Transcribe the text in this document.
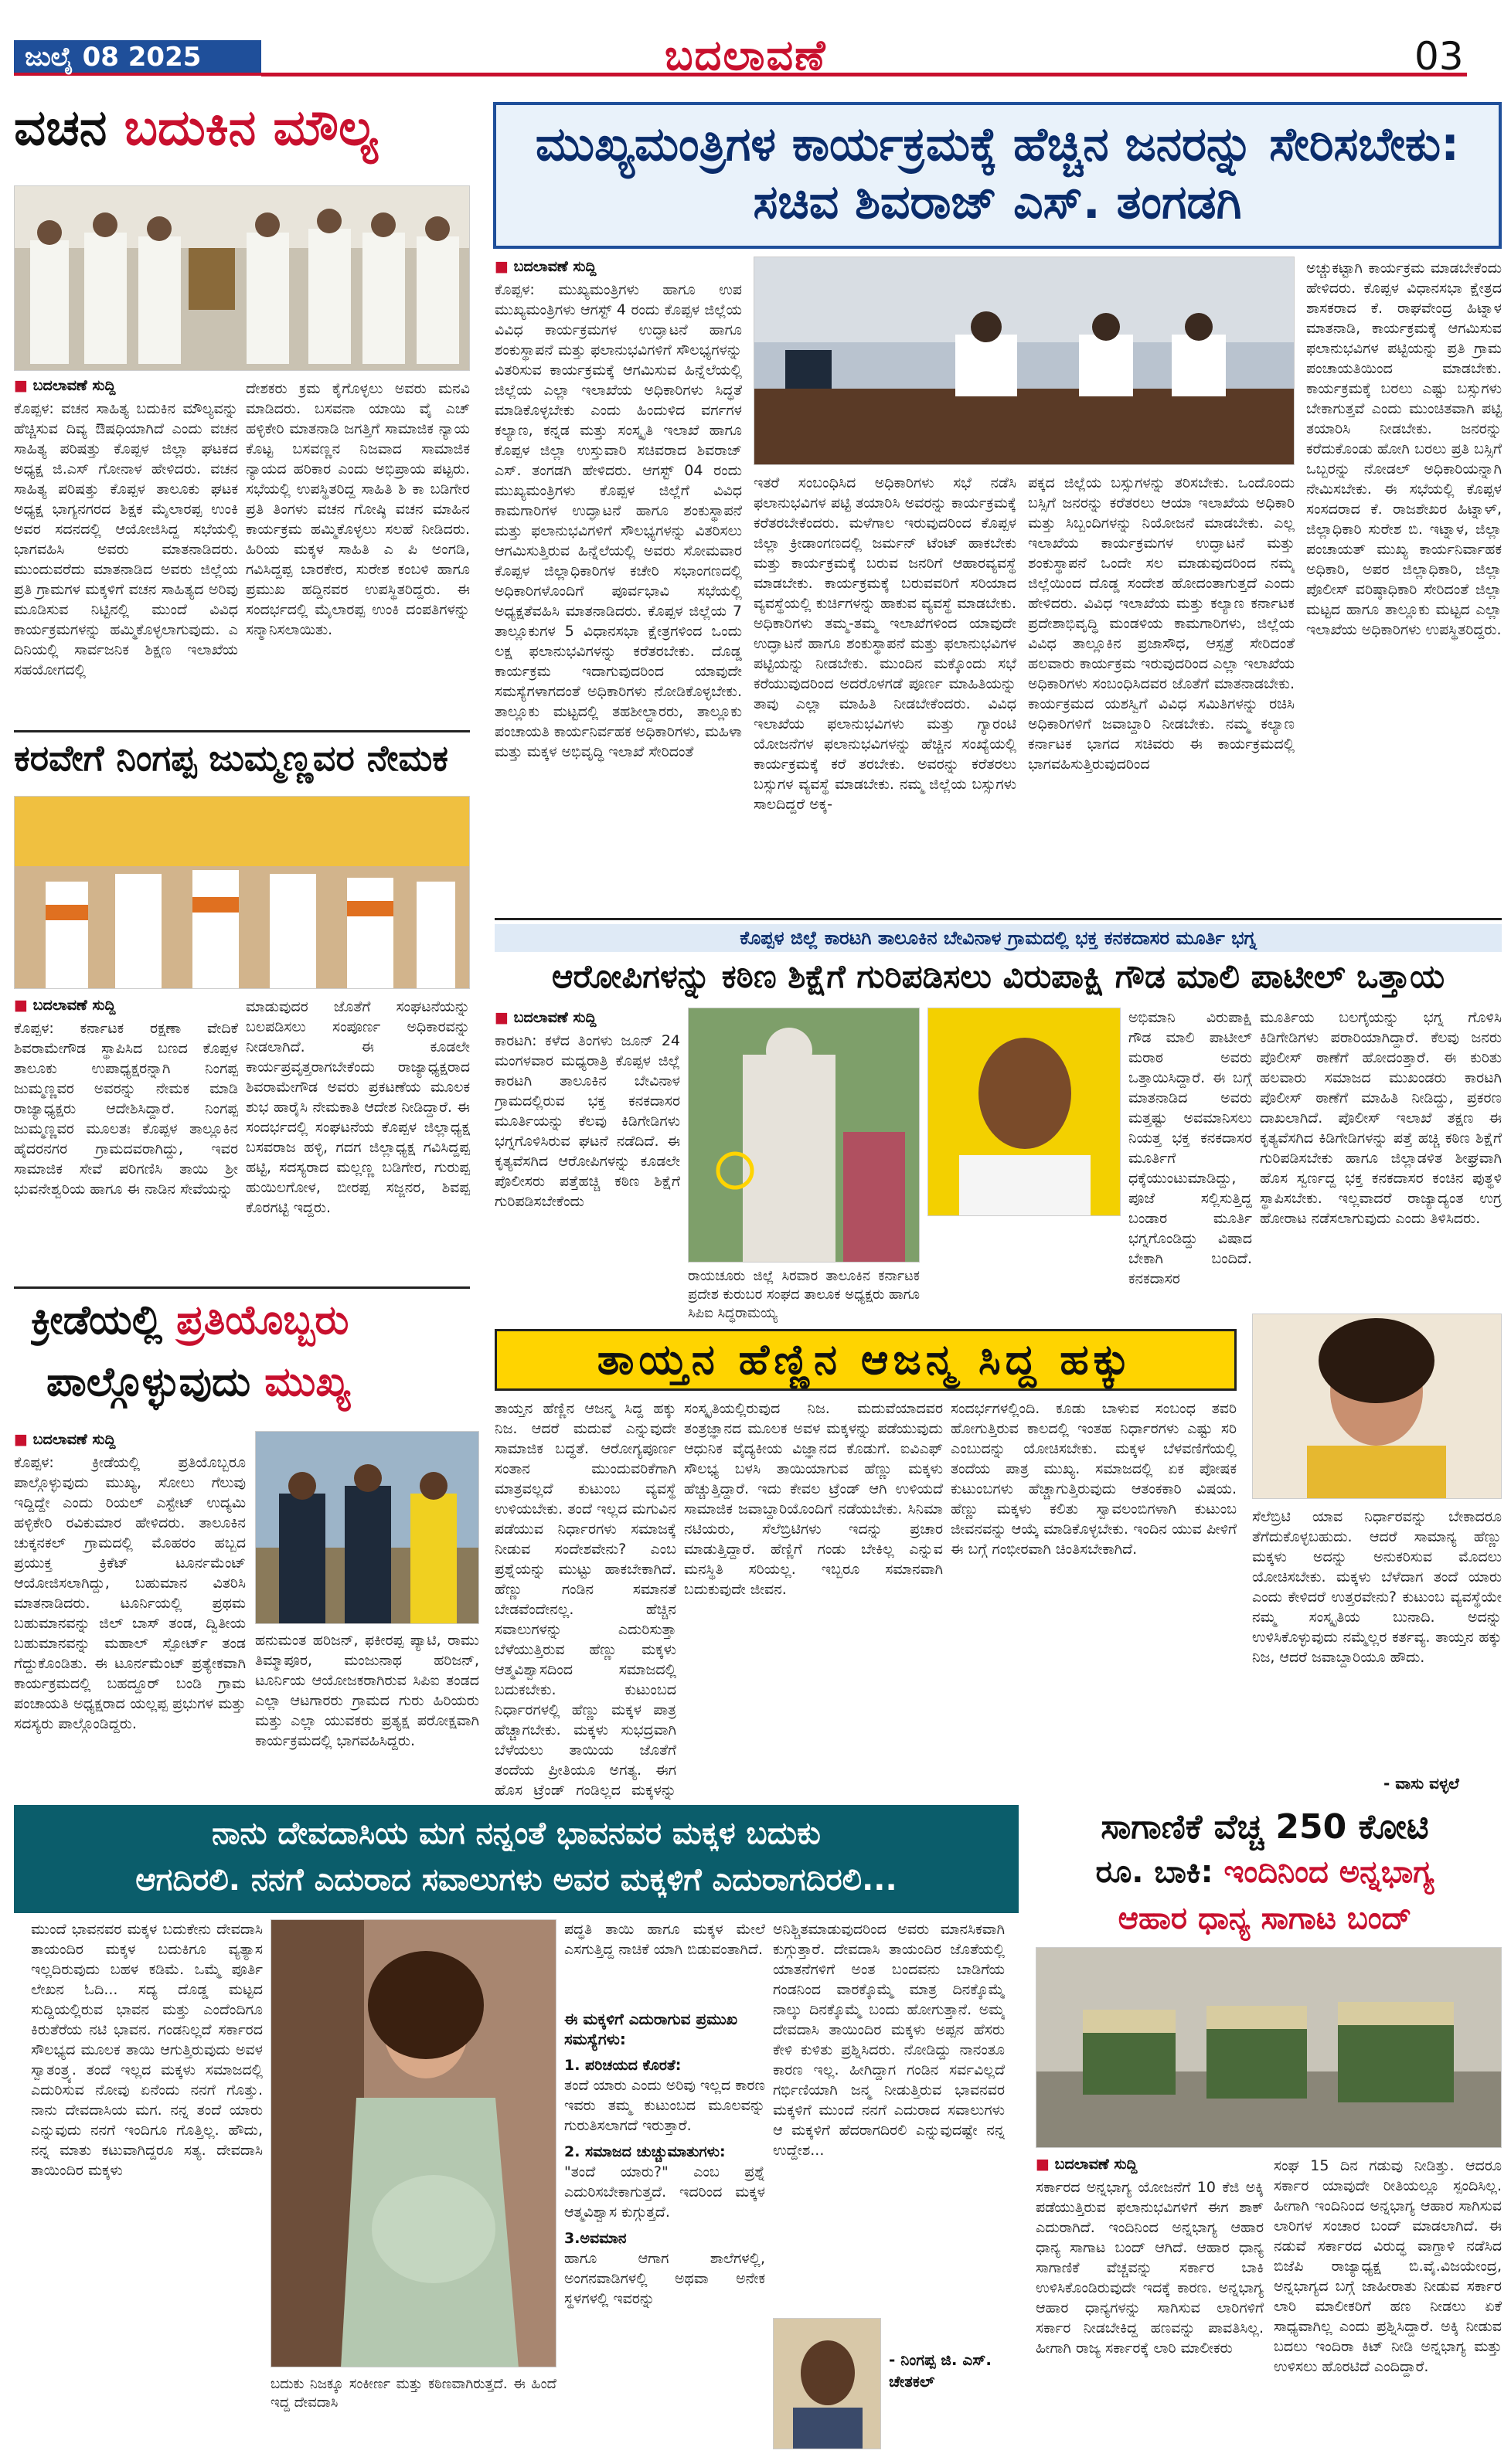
ಜುಲೈ 08 2025	ಬದಲಾವಣೆ	03
ವಚನ ಬದುಕಿನ ಮೌಲ್ಯ
■ ಬದಲಾವಣೆ ಸುದ್ದಿ
ಕೊಪ್ಪಳ: ವಚನ ಸಾಹಿತ್ಯ ಬದುಕಿನ ಮೌಲ್ಯವನ್ನು ಹೆಚ್ಚಿಸುವ ದಿವ್ಯ ಔಷಧಿಯಾಗಿದೆ ಎಂದು ವಚನ ಸಾಹಿತ್ಯ ಪರಿಷತ್ತು ಕೊಪ್ಪಳ ಜಿಲ್ಲಾ ಘಟಕದ ಅಧ್ಯಕ್ಷ ಜಿ.ಎಸ್ ಗೋನಾಳ ಹೇಳಿದರು. ವಚನ ಸಾಹಿತ್ಯ ಪರಿಷತ್ತು ಕೊಪ್ಪಳ ತಾಲೂಕು ಘಟಕ ಅಧ್ಯಕ್ಷ ಭಾಗ್ಯನಗರದ ಶಿಕ್ಷಕ ಮೈಲಾರಪ್ಪ ಉಂಕಿ ಅವರ ಸದನದಲ್ಲಿ ಆಯೋಜಿಸಿದ್ದ ಸಭೆಯಲ್ಲಿ ಭಾಗವಹಿಸಿ ಅವರು ಮಾತನಾಡಿದರು. ಮುಂದುವರೆದು ಮಾತನಾಡಿದ ಅವರು ಜಿಲ್ಲೆಯ ಪ್ರತಿ ಗ್ರಾಮಗಳ ಮಕ್ಕಳಿಗೆ ವಚನ ಸಾಹಿತ್ಯದ ಅರಿವು ಮೂಡಿಸುವ ನಿಟ್ಟಿನಲ್ಲಿ ಮುಂದೆ ವಿವಿಧ ಕಾರ್ಯಕ್ರಮಗಳನ್ನು ಹಮ್ಮಿಕೊಳ್ಳಲಾಗುವುದು. ಎ ದಿನಿಯಲ್ಲಿ ಸಾರ್ವಜನಿಕ ಶಿಕ್ಷಣ ಇಲಾಖೆಯ ಸಹಯೋಗದಲ್ಲಿ
ದೇಶಕರು ಕ್ರಮ ಕೈಗೊಳ್ಳಲು ಅವರು ಮನವಿ ಮಾಡಿದರು. ಬಸವನಾ ಯಾಯಿ ವೈ ಎಚ್ ಹಳ್ಳಿಕೇರಿ ಮಾತನಾಡಿ ಜಗತ್ತಿಗೆ ಸಾಮಾಜಿಕ ನ್ಯಾಯ ಕೊಟ್ಟ ಬಸವಣ್ಣನ ನಿಜವಾದ ಸಾಮಾಜಿಕ ನ್ಯಾಯದ ಹರಿಕಾರ ಎಂದು ಅಭಿಪ್ರಾಯ ಪಟ್ಟರು. ಸಭೆಯಲ್ಲಿ ಉಪಸ್ಥಿತರಿದ್ದ ಸಾಹಿತಿ ಶಿ ಕಾ ಬಡಿಗೇರ ಪ್ರತಿ ತಿಂಗಳು ವಚನ ಗೋಷ್ಠಿ ವಚನ ಮಾಹಿನ ಕಾರ್ಯಕ್ರಮ ಹಮ್ಮಿಕೊಳ್ಳಲು ಸಲಹೆ ನೀಡಿದರು. ಹಿರಿಯ ಮಕ್ಕಳ ಸಾಹಿತಿ ಎ ಪಿ ಅಂಗಡಿ, ಗವಿಸಿದ್ದಪ್ಪ ಬಾರಕೇರ, ಸುರೇಶ ಕಂಬಳಿ ಹಾಗೂ ಪ್ರಮುಖ ಹದ್ದಿನವರ ಉಪಸ್ಥಿತರಿದ್ದರು. ಈ ಸಂದರ್ಭದಲ್ಲಿ ಮೈಲಾರಪ್ಪ ಉಂಕಿ ದಂಪತಿಗಳನ್ನು ಸನ್ಮಾನಿಸಲಾಯಿತು.
ಮುಖ್ಯಮಂತ್ರಿಗಳ ಕಾರ್ಯಕ್ರಮಕ್ಕೆ ಹೆಚ್ಚಿನ ಜನರನ್ನು ಸೇರಿಸಬೇಕು: ಸಚಿವ ಶಿವರಾಜ್ ಎಸ್. ತಂಗಡಗಿ
■ ಬದಲಾವಣೆ ಸುದ್ದಿ
ಕೊಪ್ಪಳ: ಮುಖ್ಯಮಂತ್ರಿಗಳು ಹಾಗೂ ಉಪ ಮುಖ್ಯಮಂತ್ರಿಗಳು ಆಗಸ್ಟ್ 4 ರಂದು ಕೊಪ್ಪಳ ಜಿಲ್ಲೆಯ ವಿವಿಧ ಕಾರ್ಯಕ್ರಮಗಳ ಉದ್ಘಾಟನೆ ಹಾಗೂ ಶಂಕುಸ್ಥಾಪನೆ ಮತ್ತು ಫಲಾನುಭವಿಗಳಿಗೆ ಸೌಲಭ್ಯಗಳನ್ನು ವಿತರಿಸುವ ಕಾರ್ಯಕ್ರಮಕ್ಕೆ ಆಗಮಿಸುವ ಹಿನ್ನೆಲೆಯಲ್ಲಿ ಜಿಲ್ಲೆಯ ಎಲ್ಲಾ ಇಲಾಖೆಯ ಅಧಿಕಾರಿಗಳು ಸಿದ್ಧತೆ ಮಾಡಿಕೊಳ್ಳಬೇಕು ಎಂದು ಹಿಂದುಳಿದ ವರ್ಗಗಳ ಕಲ್ಯಾಣ, ಕನ್ನಡ ಮತ್ತು ಸಂಸ್ಕೃತಿ ಇಲಾಖೆ ಹಾಗೂ ಕೊಪ್ಪಳ ಜಿಲ್ಲಾ ಉಸ್ತುವಾರಿ ಸಚಿವರಾದ ಶಿವರಾಜ್ ಎಸ್. ತಂಗಡಗಿ ಹೇಳಿದರು. ಆಗಸ್ಟ್ 04 ರಂದು ಮುಖ್ಯಮಂತ್ರಿಗಳು ಕೊಪ್ಪಳ ಜಿಲ್ಲೆಗೆ ವಿವಿಧ ಕಾಮಗಾರಿಗಳ ಉದ್ಘಾಟನೆ ಹಾಗೂ ಶಂಕುಸ್ಥಾಪನೆ ಮತ್ತು ಫಲಾನುಭವಿಗಳಿಗೆ ಸೌಲಭ್ಯಗಳನ್ನು ವಿತರಿಸಲು ಆಗಮಿಸುತ್ತಿರುವ ಹಿನ್ನೆಲೆಯಲ್ಲಿ ಅವರು ಸೋಮವಾರ ಕೊಪ್ಪಳ ಜಿಲ್ಲಾಧಿಕಾರಿಗಳ ಕಚೇರಿ ಸಭಾಂಗಣದಲ್ಲಿ ಅಧಿಕಾರಿಗಳೊಂದಿಗೆ ಪೂರ್ವಭಾವಿ ಸಭೆಯಲ್ಲಿ ಅಧ್ಯಕ್ಷತೆವಹಿಸಿ ಮಾತನಾಡಿದರು. ಕೊಪ್ಪಳ ಜಿಲ್ಲೆಯ 7 ತಾಲ್ಲೂಕುಗಳ 5 ವಿಧಾನಸಭಾ ಕ್ಷೇತ್ರಗಳಿಂದ ಒಂದು ಲಕ್ಷ ಫಲಾನುಭವಿಗಳನ್ನು ಕರೆತರಬೇಕು. ದೊಡ್ಡ ಕಾರ್ಯಕ್ರಮ ಇದಾಗುವುದರಿಂದ ಯಾವುದೇ ಸಮಸ್ಯೆಗಳಾಗದಂತೆ ಅಧಿಕಾರಿಗಳು ನೋಡಿಕೊಳ್ಳಬೇಕು. ತಾಲ್ಲೂಕು ಮಟ್ಟದಲ್ಲಿ ತಹಶೀಲ್ದಾರರು, ತಾಲ್ಲೂಕು ಪಂಚಾಯತಿ ಕಾರ್ಯನಿರ್ವಹಕ ಅಧಿಕಾರಿಗಳು, ಮಹಿಳಾ ಮತ್ತು ಮಕ್ಕಳ ಅಭಿವೃದ್ಧಿ ಇಲಾಖೆ ಸೇರಿದಂತೆ
ಇತರೆ ಸಂಬಂಧಿಸಿದ ಅಧಿಕಾರಿಗಳು ಸಭೆ ನಡೆಸಿ ಫಲಾನುಭವಿಗಳ ಪಟ್ಟಿ ತಯಾರಿಸಿ ಅವರನ್ನು ಕಾರ್ಯಕ್ರಮಕ್ಕೆ ಕರೆತರಬೇಕೆಂದರು. ಮಳೆಗಾಲ ಇರುವುದರಿಂದ ಕೊಪ್ಪಳ ಜಿಲ್ಲಾ ಕ್ರೀಡಾಂಗಣದಲ್ಲಿ ಜರ್ಮನ್ ಟೆಂಟ್ ಹಾಕಬೇಕು ಮತ್ತು ಕಾರ್ಯಕ್ರಮಕ್ಕೆ ಬರುವ ಜನರಿಗೆ ಆಹಾರವ್ಯವಸ್ಥೆ ಮಾಡಬೇಕು. ಕಾರ್ಯಕ್ರಮಕ್ಕೆ ಬರುವವರಿಗೆ ಸರಿಯಾದ ವ್ಯವಸ್ಥೆಯಲ್ಲಿ ಕುರ್ಚಿಗಳನ್ನು ಹಾಕುವ ವ್ಯವಸ್ಥೆ ಮಾಡಬೇಕು. ಅಧಿಕಾರಿಗಳು ತಮ್ಮ-ತಮ್ಮ ಇಲಾಖೆಗಳಿಂದ ಯಾವುದೇ ಉದ್ಘಾಟನೆ ಹಾಗೂ ಶಂಕುಸ್ಥಾಪನೆ ಮತ್ತು ಫಲಾನುಭವಿಗಳ ಪಟ್ಟಿಯನ್ನು ನೀಡಬೇಕು. ಮುಂದಿನ ಮಕ್ಕೊಂದು ಸಭೆ ಕರೆಯುವುದರಿಂದ ಅದರೊಳಗಡೆ ಪೂರ್ಣ ಮಾಹಿತಿಯನ್ನು ತಾವು ಎಲ್ಲಾ ಮಾಹಿತಿ ನೀಡಬೇಕೆಂದರು. ವಿವಿಧ ಇಲಾಖೆಯ ಫಲಾನುಭವಿಗಳು ಮತ್ತು ಗ್ಯಾರಂಟಿ ಯೋಜನೆಗಳ ಫಲಾನುಭವಿಗಳನ್ನು ಹೆಚ್ಚಿನ ಸಂಖ್ಯೆಯಲ್ಲಿ ಕಾರ್ಯಕ್ರಮಕ್ಕೆ ಕರೆ ತರಬೇಕು. ಅವರನ್ನು ಕರೆತರಲು ಬಸ್ಸುಗಳ ವ್ಯವಸ್ಥೆ ಮಾಡಬೇಕು. ನಮ್ಮ ಜಿಲ್ಲೆಯ ಬಸ್ಸುಗಳು ಸಾಲದಿದ್ದರೆ ಅಕ್ಕ-
ಪಕ್ಕದ ಜಿಲ್ಲೆಯ ಬಸ್ಸುಗಳನ್ನು ತರಿಸಬೇಕು. ಒಂದೊಂದು ಬಸ್ಸಿಗೆ ಜನರನ್ನು ಕರೆತರಲು ಆಯಾ ಇಲಾಖೆಯ ಅಧಿಕಾರಿ ಮತ್ತು ಸಿಬ್ಬಂದಿಗಳನ್ನು ನಿಯೋಜನೆ ಮಾಡಬೇಕು. ಎಲ್ಲ ಇಲಾಖೆಯ ಕಾರ್ಯಕ್ರಮಗಳ ಉದ್ಘಾಟನೆ ಮತ್ತು ಶಂಕುಸ್ಥಾಪನೆ ಒಂದೇ ಸಲ ಮಾಡುವುದರಿಂದ ನಮ್ಮ ಜಿಲ್ಲೆಯಿಂದ ದೊಡ್ಡ ಸಂದೇಶ ಹೋದಂತಾಗುತ್ತದೆ ಎಂದು ಹೇಳಿದರು. ವಿವಿಧ ಇಲಾಖೆಯ ಮತ್ತು ಕಲ್ಯಾಣ ಕರ್ನಾಟಕ ಪ್ರದೇಶಾಭಿವೃದ್ಧಿ ಮಂಡಳಿಯ ಕಾಮಗಾರಿಗಳು, ಜಿಲ್ಲೆಯ ವಿವಿಧ ತಾಲ್ಲೂಕಿನ ಪ್ರಜಾಸೌಧ, ಆಸ್ಪತ್ರೆ ಸೇರಿದಂತೆ ಹಲವಾರು ಕಾರ್ಯಕ್ರಮ ಇರುವುದರಿಂದ ಎಲ್ಲಾ ಇಲಾಖೆಯ ಅಧಿಕಾರಿಗಳು ಸಂಬಂಧಿಸಿದವರ ಜೊತೆಗೆ ಮಾತನಾಡಬೇಕು. ಕಾರ್ಯಕ್ರಮದ ಯಶಸ್ವಿಗೆ ವಿವಿಧ ಸಮಿತಿಗಳನ್ನು ರಚಿಸಿ ಅಧಿಕಾರಿಗಳಿಗೆ ಜವಾಬ್ದಾರಿ ನೀಡಬೇಕು. ನಮ್ಮ ಕಲ್ಯಾಣ ಕರ್ನಾಟಕ ಭಾಗದ ಸಚಿವರು ಈ ಕಾರ್ಯಕ್ರಮದಲ್ಲಿ ಭಾಗವಹಿಸುತ್ತಿರುವುದರಿಂದ
ಅಚ್ಚುಕಟ್ಟಾಗಿ ಕಾರ್ಯಕ್ರಮ ಮಾಡಬೇಕೆಂದು ಹೇಳಿದರು. ಕೊಪ್ಪಳ ವಿಧಾನಸಭಾ ಕ್ಷೇತ್ರದ ಶಾಸಕರಾದ ಕೆ. ರಾಘವೇಂದ್ರ ಹಿಟ್ನಾಳ ಮಾತನಾಡಿ, ಕಾರ್ಯಕ್ರಮಕ್ಕೆ ಆಗಮಿಸುವ ಫಲಾನುಭವಿಗಳ ಪಟ್ಟಿಯನ್ನು ಪ್ರತಿ ಗ್ರಾಮ ಪಂಚಾಯತಿಯಿಂದ ಮಾಡಬೇಕು. ಕಾರ್ಯಕ್ರಮಕ್ಕೆ ಬರಲು ಎಷ್ಟು ಬಸ್ಸುಗಳು ಬೇಕಾಗುತ್ತವೆ ಎಂದು ಮುಂಚಿತವಾಗಿ ಪಟ್ಟಿ ತಯಾರಿಸಿ ನೀಡಬೇಕು. ಜನರನ್ನು ಕರೆದುಕೊಂಡು ಹೋಗಿ ಬರಲು ಪ್ರತಿ ಬಸ್ಸಿಗೆ ಒಬ್ಬರನ್ನು ನೋಡಲ್ ಅಧಿಕಾರಿಯನ್ನಾಗಿ ನೇಮಿಸಬೇಕು. ಈ ಸಭೆಯಲ್ಲಿ ಕೊಪ್ಪಳ ಸಂಸದರಾದ ಕೆ. ರಾಜಶೇಖರ ಹಿಟ್ನಾಳ್, ಜಿಲ್ಲಾಧಿಕಾರಿ ಸುರೇಶ ಬಿ. ಇಟ್ನಾಳ, ಜಿಲ್ಲಾ ಪಂಚಾಯತ್ ಮುಖ್ಯ ಕಾರ್ಯನಿರ್ವಾಹಕ ಅಧಿಕಾರಿ, ಅಪರ ಜಿಲ್ಲಾಧಿಕಾರಿ, ಜಿಲ್ಲಾ ಪೊಲೀಸ್ ವರಿಷ್ಠಾಧಿಕಾರಿ ಸೇರಿದಂತೆ ಜಿಲ್ಲಾ ಮಟ್ಟದ ಹಾಗೂ ತಾಲ್ಲೂಕು ಮಟ್ಟದ ಎಲ್ಲಾ ಇಲಾಖೆಯ ಅಧಿಕಾರಿಗಳು ಉಪಸ್ಥಿತರಿದ್ದರು.
ಕರವೇಗೆ ನಿಂಗಪ್ಪ ಜುಮ್ಮಣ್ಣವರ ನೇಮಕ
■ ಬದಲಾವಣೆ ಸುದ್ದಿ
ಕೊಪ್ಪಳ: ಕರ್ನಾಟಕ ರಕ್ಷಣಾ ವೇದಿಕೆ ಶಿವರಾಮೇಗೌಡ ಸ್ಥಾಪಿಸಿದ ಬಣದ ಕೊಪ್ಪಳ ತಾಲೂಕು ಉಪಾಧ್ಯಕ್ಷರನ್ನಾಗಿ ನಿಂಗಪ್ಪ ಜುಮ್ಮಣ್ಣವರ ಅವರನ್ನು ನೇಮಕ ಮಾಡಿ ರಾಜ್ಯಾಧ್ಯಕ್ಷರು ಆದೇಶಿಸಿದ್ದಾರೆ. ನಿಂಗಪ್ಪ ಜುಮ್ಮಣ್ಣವರ ಮೂಲತಃ ಕೊಪ್ಪಳ ತಾಲ್ಲೂಕಿನ ಹೈದರನಗರ ಗ್ರಾಮದವರಾಗಿದ್ದು, ಇವರ ಸಾಮಾಜಿಕ ಸೇವೆ ಪರಿಗಣಿಸಿ ತಾಯಿ ಶ್ರೀ ಭುವನೇಶ್ವರಿಯ ಹಾಗೂ ಈ ನಾಡಿನ ಸೇವೆಯನ್ನು
ಮಾಡುವುದರ ಜೊತೆಗೆ ಸಂಘಟನೆಯನ್ನು ಬಲಪಡಿಸಲು ಸಂಪೂರ್ಣ ಅಧಿಕಾರವನ್ನು ನೀಡಲಾಗಿದೆ. ಈ ಕೂಡಲೇ ಕಾರ್ಯಪ್ರವೃತ್ತರಾಗಬೇಕೆಂದು ರಾಜ್ಯಾಧ್ಯಕ್ಷರಾದ ಶಿವರಾಮೇಗೌಡ ಅವರು ಪ್ರಕಟಣೆಯ ಮೂಲಕ ಶುಭ ಹಾರೈಸಿ ನೇಮಕಾತಿ ಆದೇಶ ನೀಡಿದ್ದಾರೆ. ಈ ಸಂದರ್ಭದಲ್ಲಿ ಸಂಘಟನೆಯ ಕೊಪ್ಪಳ ಜಿಲ್ಲಾಧ್ಯಕ್ಷ ಬಸವರಾಜ ಹಳ್ಳಿ, ಗದಗ ಜಿಲ್ಲಾಧ್ಯಕ್ಷ ಗವಿಸಿದ್ದಪ್ಪ ಹಟ್ಟಿ, ಸದಸ್ಯರಾದ ಮಲ್ಲಣ್ಣ ಬಡಿಗೇರ, ಗುರುಪ್ಪ ಹುಯಿಲಗೋಳ, ಬೀರಪ್ಪ ಸಜ್ಜನರ, ಶಿವಪ್ಪ ಕೊರಗಟ್ಟಿ ಇದ್ದರು.
ಕೊಪ್ಪಳ ಜಿಲ್ಲೆ ಕಾರಟಗಿ ತಾಲೂಕಿನ ಬೇವಿನಾಳ ಗ್ರಾಮದಲ್ಲಿ ಭಕ್ತ ಕನಕದಾಸರ ಮೂರ್ತಿ ಭಗ್ನ
ಆರೋಪಿಗಳನ್ನು ಕಠಿಣ ಶಿಕ್ಷೆಗೆ ಗುರಿಪಡಿಸಲು ವಿರುಪಾಕ್ಷಿ ಗೌಡ ಮಾಲಿ ಪಾಟೀಲ್ ಒತ್ತಾಯ
■ ಬದಲಾವಣೆ ಸುದ್ದಿ
ಕಾರಟಗಿ: ಕಳೆದ ತಿಂಗಳು ಜೂನ್ 24 ಮಂಗಳವಾರ ಮಧ್ಯರಾತ್ರಿ ಕೊಪ್ಪಳ ಜಿಲ್ಲೆ ಕಾರಟಗಿ ತಾಲೂಕಿನ ಬೇವಿನಾಳ ಗ್ರಾಮದಲ್ಲಿರುವ ಭಕ್ತ ಕನಕದಾಸರ ಮೂರ್ತಿಯನ್ನು ಕೆಲವು ಕಿಡಿಗೇಡಿಗಳು ಭಗ್ನಗೊಳಿಸಿರುವ ಘಟನೆ ನಡೆದಿದೆ. ಈ ಕೃತ್ಯವೆಸಗಿದ ಆರೋಪಿಗಳನ್ನು ಕೂಡಲೇ ಪೊಲೀಸರು ಪತ್ತೆಹಚ್ಚಿ ಕಠಿಣ ಶಿಕ್ಷೆಗೆ ಗುರಿಪಡಿಸಬೇಕೆಂದು
ರಾಯಚೂರು ಜಿಲ್ಲೆ ಸಿರವಾರ ತಾಲೂಕಿನ ಕರ್ನಾಟಕ ಪ್ರದೇಶ ಕುರುಬರ ಸಂಘದ ತಾಲೂಕ ಅಧ್ಯಕ್ಷರು ಹಾಗೂ ಸಿಪಿಐ ಸಿದ್ಧರಾಮಯ್ಯ
ಅಭಿಮಾನಿ ವಿರುಪಾಕ್ಷಿ ಗೌಡ ಮಾಲಿ ಪಾಟೀಲ್ ಮರಾಠ ಅವರು ಒತ್ತಾಯಿಸಿದ್ದಾರೆ. ಈ ಬಗ್ಗೆ ಮಾತನಾಡಿದ ಅವರು ಮತ್ತಷ್ಟು ಅವಮಾನಿಸಲು ನಿಯತ್ತ ಭಕ್ತ ಕನಕದಾಸರ ಮೂರ್ತಿಗೆ ಧಕ್ಕೆಯುಂಟುಮಾಡಿದ್ದು, ಪೂಜೆ ಸಲ್ಲಿಸುತ್ತಿದ್ದ ಬಂಡಾರ ಮೂರ್ತಿ ಭಗ್ನಗೊಂಡಿದ್ದು ವಿಷಾದ ಬೇಕಾಗಿ ಬಂದಿದೆ. ಕನಕದಾಸರ
ಮೂರ್ತಿಯ ಬಲಗೈಯನ್ನು ಭಗ್ನ ಗೊಳಿಸಿ ಕಿಡಿಗೇಡಿಗಳು ಪರಾರಿಯಾಗಿದ್ದಾರೆ. ಕೆಲವು ಜನರು ಪೊಲೀಸ್ ಠಾಣೆಗೆ ಹೋದಂತ್ತಾರೆ. ಈ ಕುರಿತು ಹಲವಾರು ಸಮಾಜದ ಮುಖಂಡರು ಕಾರಟಗಿ ಪೊಲೀಸ್ ಠಾಣೆಗೆ ಮಾಹಿತಿ ನೀಡಿದ್ದು, ಪ್ರಕರಣ ದಾಖಲಾಗಿದೆ. ಪೊಲೀಸ್ ಇಲಾಖೆ ತಕ್ಷಣ ಈ ಕೃತ್ಯವೆಸಗಿದ ಕಿಡಿಗೇಡಿಗಳನ್ನು ಪತ್ತೆ ಹಚ್ಚಿ ಕಠಿಣ ಶಿಕ್ಷೆಗೆ ಗುರಿಪಡಿಸಬೇಕು ಹಾಗೂ ಜಿಲ್ಲಾಡಳಿತ ಶೀಘ್ರವಾಗಿ ಹೊಸ ಸ್ವರ್ಣದ್ದ ಭಕ್ತ ಕನಕದಾಸರ ಕಂಚಿನ ಪುತ್ಥಳಿ ಸ್ಥಾಪಿಸಬೇಕು. ಇಲ್ಲವಾದರೆ ರಾಜ್ಯಾದ್ಯಂತ ಉಗ್ರ ಹೋರಾಟ ನಡೆಸಲಾಗುವುದು ಎಂದು ತಿಳಿಸಿದರು.
ಕ್ರೀಡೆಯಲ್ಲಿ ಪ್ರತಿಯೊಬ್ಬರು
ಪಾಲ್ಗೊಳ್ಳುವುದು ಮುಖ್ಯ
■ ಬದಲಾವಣೆ ಸುದ್ದಿ
ಕೊಪ್ಪಳ: ಕ್ರೀಡೆಯಲ್ಲಿ ಪ್ರತಿಯೊಬ್ಬರೂ ಪಾಲ್ಗೊಳ್ಳುವುದು ಮುಖ್ಯ, ಸೋಲು ಗೆಲುವು ಇದ್ದಿದ್ದೇ ಎಂದು ರಿಯಲ್ ಎಸ್ಟೇಟ್ ಉದ್ಯಮಿ ಹಳ್ಳಿಕೇರಿ ರವಿಕುಮಾರ ಹೇಳಿದರು. ತಾಲೂಕಿನ ಚುಕ್ಕನಕಲ್ ಗ್ರಾಮದಲ್ಲಿ ಮೊಹರಂ ಹಬ್ಬದ ಪ್ರಯುಕ್ತ ಕ್ರಿಕೆಟ್ ಟೂರ್ನಮೆಂಟ್ ಆಯೋಜಿಸಲಾಗಿದ್ದು, ಬಹುಮಾನ ವಿತರಿಸಿ ಮಾತನಾಡಿದರು. ಟೂರ್ನಿಯಲ್ಲಿ ಪ್ರಥಮ ಬಹುಮಾನವನ್ನು ಜಿಲ್ ಬಾಸ್ ತಂಡ, ದ್ವಿತೀಯ ಬಹುಮಾನವನ್ನು ಮಹಾಲ್ ಸ್ಪೋರ್ಟ್ ತಂಡ ಗೆದ್ದುಕೊಂಡಿತು. ಈ ಟೂರ್ನಮೆಂಟ್ ಪ್ರತ್ಯೇಕವಾಗಿ ಕಾರ್ಯಕ್ರಮದಲ್ಲಿ ಬಹದ್ದೂರ್ ಬಂಡಿ ಗ್ರಾಮ ಪಂಚಾಯತಿ ಅಧ್ಯಕ್ಷರಾದ ಯಲ್ಲಪ್ಪ ಪ್ರಭುಗಳ ಮತ್ತು ಸದಸ್ಯರು ಪಾಲ್ಗೊಂಡಿದ್ದರು.
ಹನುಮಂತ ಹರಿಜನ್, ಫಕೀರಪ್ಪ ಪ್ಯಾಟಿ, ರಾಮು ತಿಮ್ಮಾಪೂರ, ಮಂಜುನಾಥ ಹರಿಜನ್, ಟೂರ್ನಿಯ ಆಯೋಜಕರಾಗಿರುವ ಸಿಪಿಐ ತಂಡದ ಎಲ್ಲಾ ಆಟಗಾರರು ಗ್ರಾಮದ ಗುರು ಹಿರಿಯರು ಮತ್ತು ಎಲ್ಲಾ ಯುವಕರು ಪ್ರತ್ಯಕ್ಷ ಪರೋಕ್ಷವಾಗಿ ಕಾರ್ಯಕ್ರಮದಲ್ಲಿ ಭಾಗವಹಿಸಿದ್ದರು.
ತಾಯ್ತನ ಹೆಣ್ಣಿನ ಆಜನ್ಮ ಸಿದ್ದ ಹಕ್ಕು
ತಾಯ್ತನ ಹೆಣ್ಣಿನ ಆಜನ್ಮ ಸಿದ್ದ ಹಕ್ಕು ನಿಜ. ಆದರೆ ಮದುವೆ ಎನ್ನುವುದೇ ಸಾಮಾಜಿಕ ಬದ್ಧತೆ. ಆರೋಗ್ಯಪೂರ್ಣ ಸಂತಾನ ಮುಂದುವರಿಕೆಗಾಗಿ ಮಾತ್ರವಲ್ಲದೆ ಕುಟುಂಬ ವ್ಯವಸ್ಥೆ ಉಳಿಯಬೇಕು. ತಂದೆ ಇಲ್ಲದ ಮಗುವಿನ ಪಡೆಯುವ ನಿರ್ಧಾರಗಳು ಸಮಾಜಕ್ಕೆ ನೀಡುವ ಸಂದೇಶವೇನು? ಎಂಬ ಪ್ರಶ್ನೆಯನ್ನು ಮುಟ್ಟು ಹಾಕಬೇಕಾಗಿದೆ. ಹೆಣ್ಣು ಗಂಡಿನ ಸಮಾನತೆ ಬೇಡವೆಂದೇನಲ್ಲ. ಹೆಚ್ಚಿನ ಸವಾಲುಗಳನ್ನು ಎದುರಿಸುತ್ತಾ ಬೆಳೆಯುತ್ತಿರುವ ಹೆಣ್ಣು ಮಕ್ಕಳು ಆತ್ಮವಿಶ್ವಾಸದಿಂದ ಸಮಾಜದಲ್ಲಿ ಬದುಕಬೇಕು. ಕುಟುಂಬದ ನಿರ್ಧಾರಗಳಲ್ಲಿ ಹೆಣ್ಣು ಮಕ್ಕಳ ಪಾತ್ರ ಹೆಚ್ಚಾಗಬೇಕು. ಮಕ್ಕಳು ಸುಭದ್ರವಾಗಿ ಬೆಳೆಯಲು ತಾಯಿಯ ಜೊತೆಗೆ ತಂದೆಯ ಪ್ರೀತಿಯೂ ಅಗತ್ಯ. ಈಗ ಹೊಸ ಟ್ರೆಂಡ್ ಗಂಡಿಲ್ಲದ ಮಕ್ಕಳನ್ನು
ಸಂಸ್ಕೃತಿಯಲ್ಲಿರುವುದ ನಿಜ. ಮದುವೆಯಾದವರ ತಂತ್ರಜ್ಞಾನದ ಮೂಲಕ ಅವಳ ಮಕ್ಕಳನ್ನು ಪಡೆಯುವುದು ಆಧುನಿಕ ವೈದ್ಯಕೀಯ ವಿಜ್ಞಾನದ ಕೊಡುಗೆ. ಐವಿಎಫ್ ಸೌಲಭ್ಯ ಬಳಸಿ ತಾಯಿಯಾಗುವ ಹೆಣ್ಣು ಮಕ್ಕಳು ಹೆಚ್ಚುತ್ತಿದ್ದಾರೆ. ಇದು ಕೇವಲ ಟ್ರೆಂಡ್ ಆಗಿ ಉಳಿಯದೆ ಸಾಮಾಜಿಕ ಜವಾಬ್ದಾರಿಯೊಂದಿಗೆ ನಡೆಯಬೇಕು. ಸಿನಿಮಾ ನಟಿಯರು, ಸೆಲೆಬ್ರಿಟಿಗಳು ಇದನ್ನು ಪ್ರಚಾರ ಮಾಡುತ್ತಿದ್ದಾರೆ. ಹೆಣ್ಣಿಗೆ ಗಂಡು ಬೇಕಿಲ್ಲ ಎನ್ನುವ ಮನಸ್ಥಿತಿ ಸರಿಯಲ್ಲ. ಇಬ್ಬರೂ ಸಮಾನವಾಗಿ ಬದುಕುವುದೇ ಜೀವನ.
ಸಂದರ್ಭಗಳಲ್ಲಿಂದಿ. ಕೂಡು ಬಾಳುವ ಸಂಬಂಧ ತವರಿ ಹೋಗುತ್ತಿರುವ ಕಾಲದಲ್ಲಿ ಇಂತಹ ನಿರ್ಧಾರಗಳು ಎಷ್ಟು ಸರಿ ಎಂಬುದನ್ನು ಯೋಚಿಸಬೇಕು. ಮಕ್ಕಳ ಬೆಳವಣಿಗೆಯಲ್ಲಿ ತಂದೆಯ ಪಾತ್ರ ಮುಖ್ಯ. ಸಮಾಜದಲ್ಲಿ ಏಕ ಪೋಷಕ ಕುಟುಂಬಗಳು ಹೆಚ್ಚಾಗುತ್ತಿರುವುದು ಆತಂಕಕಾರಿ ವಿಷಯ. ಹೆಣ್ಣು ಮಕ್ಕಳು ಕಲಿತು ಸ್ವಾವಲಂಬಿಗಳಾಗಿ ಕುಟುಂಬ ಜೀವನವನ್ನು ಆಯ್ಕೆ ಮಾಡಿಕೊಳ್ಳಬೇಕು. ಇಂದಿನ ಯುವ ಪೀಳಿಗೆ ಈ ಬಗ್ಗೆ ಗಂಭೀರವಾಗಿ ಚಿಂತಿಸಬೇಕಾಗಿದೆ.
ಸೆಲೆಬ್ರಿಟಿ ಯಾವ ನಿರ್ಧಾರವನ್ನು ಬೇಕಾದರೂ ತೆಗೆದುಕೊಳ್ಳಬಹುದು. ಆದರೆ ಸಾಮಾನ್ಯ ಹೆಣ್ಣು ಮಕ್ಕಳು ಅದನ್ನು ಅನುಕರಿಸುವ ಮೊದಲು ಯೋಚಿಸಬೇಕು. ಮಕ್ಕಳು ಬೆಳೆದಾಗ ತಂದೆ ಯಾರು ಎಂದು ಕೇಳಿದರೆ ಉತ್ತರವೇನು? ಕುಟುಂಬ ವ್ಯವಸ್ಥೆಯೇ ನಮ್ಮ ಸಂಸ್ಕೃತಿಯ ಬುನಾದಿ. ಅದನ್ನು ಉಳಿಸಿಕೊಳ್ಳುವುದು ನಮ್ಮೆಲ್ಲರ ಕರ್ತವ್ಯ. ತಾಯ್ತನ ಹಕ್ಕು ನಿಜ, ಆದರೆ ಜವಾಬ್ದಾರಿಯೂ ಹೌದು.
- ವಾಸು ವಳ್ಳಲೆ
ನಾನು ದೇವದಾಸಿಯ ಮಗ ನನ್ನಂತೆ ಭಾವನವರ ಮಕ್ಕಳ ಬದುಕು
ಆಗದಿರಲಿ. ನನಗೆ ಎದುರಾದ ಸವಾಲುಗಳು ಅವರ ಮಕ್ಕಳಿಗೆ ಎದುರಾಗದಿರಲಿ...
ಮುಂದೆ ಭಾವನವರ ಮಕ್ಕಳ ಬದುಕೇನು ದೇವದಾಸಿ ತಾಯಂದಿರ ಮಕ್ಕಳ ಬದುಕಿಗೂ ವ್ಯತ್ಯಾಸ ಇಲ್ಲದಿರುವುದು ಬಹಳ ಕಡಿಮೆ. ಒಮ್ಮೆ ಪೂರ್ತಿ ಲೇಖನ ಓದಿ... ಸದ್ಯ ದೊಡ್ಡ ಮಟ್ಟದ ಸುದ್ದಿಯಲ್ಲಿರುವ ಭಾವನ ಮತ್ತು ಎಂದೆಂದಿಗೂ ಕಿರುತೆರೆಯ ನಟಿ ಭಾವನ. ಗಂಡನಿಲ್ಲದೆ ಸರ್ಕಾರದ ಸೌಲಭ್ಯದ ಮೂಲಕ ತಾಯಿ ಆಗುತ್ತಿರುವುದು ಅವಳ ಸ್ವಾತಂತ್ರ್ಯ. ತಂದೆ ಇಲ್ಲದ ಮಕ್ಕಳು ಸಮಾಜದಲ್ಲಿ ಎದುರಿಸುವ ನೋವು ಏನೆಂದು ನನಗೆ ಗೊತ್ತು. ನಾನು ದೇವದಾಸಿಯ ಮಗ. ನನ್ನ ತಂದೆ ಯಾರು ಎನ್ನುವುದು ನನಗೆ ಇಂದಿಗೂ ಗೊತ್ತಿಲ್ಲ. ಹೌದು, ನನ್ನ ಮಾತು ಕಟುವಾಗಿದ್ದರೂ ಸತ್ಯ. ದೇವದಾಸಿ ತಾಯಿಂದಿರ ಮಕ್ಕಳು
ಬದುಕು ನಿಜಕ್ಕೂ ಸಂಕೀರ್ಣ ಮತ್ತು ಕಠಿಣವಾಗಿರುತ್ತದೆ. ಈ ಹಿಂದೆ ಇದ್ದ ದೇವದಾಸಿ
ಪದ್ಧತಿ ತಾಯಿ ಹಾಗೂ ಮಕ್ಕಳ ಮೇಲೆ ಎಸಗುತ್ತಿದ್ದ ನಾಚಿಕೆ ಯಾಗಿ ಬಿಡುವಂತಾಗಿದೆ.
ಈ ಮಕ್ಕಳಿಗೆ ಎದುರಾಗುವ ಪ್ರಮುಖ ಸಮಸ್ಯೆಗಳು:
1. ಪರಿಚಯದ ಕೊರತೆ:
ತಂದೆ ಯಾರು ಎಂದು ಅರಿವು ಇಲ್ಲದ ಕಾರಣ ಇವರು ತಮ್ಮ ಕುಟುಂಬದ ಮೂಲವನ್ನು ಗುರುತಿಸಲಾಗದೆ ಇರುತ್ತಾರೆ.
2. ಸಮಾಜದ ಚುಚ್ಚುಮಾತುಗಳು:
"ತಂದೆ ಯಾರು?" ಎಂಬ ಪ್ರಶ್ನೆ ಎದುರಿಸಬೇಕಾಗುತ್ತದೆ. ಇದರಿಂದ ಮಕ್ಕಳ ಆತ್ಮವಿಶ್ವಾಸ ಕುಗ್ಗುತ್ತದೆ.
3.ಅವಮಾನ
ಹಾಗೂ ಆಗಾಗ ಶಾಲೆಗಳಲ್ಲಿ, ಅಂಗನವಾಡಿಗಳಲ್ಲಿ ಅಥವಾ ಅನೇಕ ಸ್ಥಳಗಳಲ್ಲಿ ಇವರನ್ನು
ಅನಿಶ್ಚಿತಮಾಡುವುದರಿಂದ ಅವರು ಮಾನಸಿಕವಾಗಿ ಕುಗ್ಗುತ್ತಾರೆ. ದೇವದಾಸಿ ತಾಯಂದಿರ ಜೊತೆಯಲ್ಲಿ ಯಾತನೆಗಳಿಗೆ ಅಂತ ಬಂದವನು ಬಾಡಿಗೆಯ ಗಂಡನಿಂದ ವಾರಕ್ಕೊಮ್ಮೆ ಮಾತ್ರ ದಿನಕ್ಕೊಮ್ಮೆ ನಾಲ್ಕು ದಿನಕ್ಕೊಮ್ಮೆ ಬಂದು ಹೋಗುತ್ತಾನೆ. ಅಮ್ಮ ದೇವದಾಸಿ ತಾಯಿಂದಿರ ಮಕ್ಕಳು ಅಪ್ಪನ ಹೆಸರು ಕೇಳಿ ಕುಳಿತು ಪ್ರಶ್ನಿಸಿದರು. ನೋಡಿದ್ದು ನಾನಂತೂ ಕಾರಣ ಇಲ್ಲ. ಹೀಗಿದ್ದಾಗ ಗಂಡಿನ ಸರ್ವವಿಲ್ಲದೆ ಗರ್ಭಿಣಿಯಾಗಿ ಜನ್ಮ ನೀಡುತ್ತಿರುವ ಭಾವನವರ ಮಕ್ಕಳಿಗೆ ಮುಂದೆ ನನಗೆ ಎದುರಾದ ಸವಾಲುಗಳು ಆ ಮಕ್ಕಳಿಗೆ ಹೆದರಾಗದಿರಲಿ ಎನ್ನುವುದಷ್ಟೇ ನನ್ನ ಉದ್ದೇಶ...
- ನಿಂಗಪ್ಪ ಜಿ. ಎಸ್. ಚೇತಕಲ್
ಸಾಗಾಣಿಕೆ ವೆಚ್ಚ 250 ಕೋಟಿ
ರೂ. ಬಾಕಿ: ಇಂದಿನಿಂದ ಅನ್ನಭಾಗ್ಯ
ಆಹಾರ ಧಾನ್ಯ ಸಾಗಾಟ ಬಂದ್
■ ಬದಲಾವಣೆ ಸುದ್ದಿ
ಸರ್ಕಾರದ ಅನ್ನಭಾಗ್ಯ ಯೋಜನೆಗೆ 10 ಕೆಜಿ ಅಕ್ಕಿ ಪಡೆಯುತ್ತಿರುವ ಫಲಾನುಭವಿಗಳಿಗೆ ಈಗ ಶಾಕ್ ಎದುರಾಗಿದೆ. ಇಂದಿನಿಂದ ಅನ್ನಭಾಗ್ಯ ಆಹಾರ ಧಾನ್ಯ ಸಾಗಾಟ ಬಂದ್ ಆಗಿದೆ. ಆಹಾರ ಧಾನ್ಯ ಸಾಗಾಣಿಕೆ ವೆಚ್ಚವನ್ನು ಸರ್ಕಾರ ಬಾಕಿ ಉಳಿಸಿಕೊಂಡಿರುವುದೇ ಇದಕ್ಕೆ ಕಾರಣ. ಅನ್ನಭಾಗ್ಯ ಆಹಾರ ಧಾನ್ಯಗಳನ್ನು ಸಾಗಿಸುವ ಲಾರಿಗಳಿಗೆ ಸರ್ಕಾರ ನೀಡಬೇಕಿದ್ದ ಹಣವನ್ನು ಪಾವತಿಸಿಲ್ಲ. ಹೀಗಾಗಿ ರಾಜ್ಯ ಸರ್ಕಾರಕ್ಕೆ ಲಾರಿ ಮಾಲೀಕರು
ಸಂಘ 15 ದಿನ ಗಡುವು ನೀಡಿತ್ತು. ಆದರೂ ಸರ್ಕಾರ ಯಾವುದೇ ರೀತಿಯಲ್ಲೂ ಸ್ಪಂದಿಸಿಲ್ಲ. ಹೀಗಾಗಿ ಇಂದಿನಿಂದ ಅನ್ನಭಾಗ್ಯ ಆಹಾರ ಸಾಗಿಸುವ ಲಾರಿಗಳ ಸಂಚಾರ ಬಂದ್ ಮಾಡಲಾಗಿದೆ. ಈ ನಡುವೆ ಸರ್ಕಾರದ ವಿರುದ್ಧ ವಾಗ್ದಾಳಿ ನಡೆಸಿದ ಬಿಜೆಪಿ ರಾಜ್ಯಾಧ್ಯಕ್ಷ ಬಿ.ವೈ.ವಿಜಯೇಂದ್ರ, ಅನ್ನಭಾಗ್ಯದ ಬಗ್ಗೆ ಜಾಹೀರಾತು ನೀಡುವ ಸರ್ಕಾರ ಲಾರಿ ಮಾಲೀಕರಿಗೆ ಹಣ ನೀಡಲು ಏಕೆ ಸಾಧ್ಯವಾಗಿಲ್ಲ ಎಂದು ಪ್ರಶ್ನಿಸಿದ್ದಾರೆ. ಅಕ್ಕಿ ನೀಡುವ ಬದಲು ಇಂದಿರಾ ಕಿಟ್ ನೀಡಿ ಅನ್ನಭಾಗ್ಯ ಮತ್ತು ಉಳಿಸಲು ಹೊರಟಿದೆ ಎಂದಿದ್ದಾರೆ.
